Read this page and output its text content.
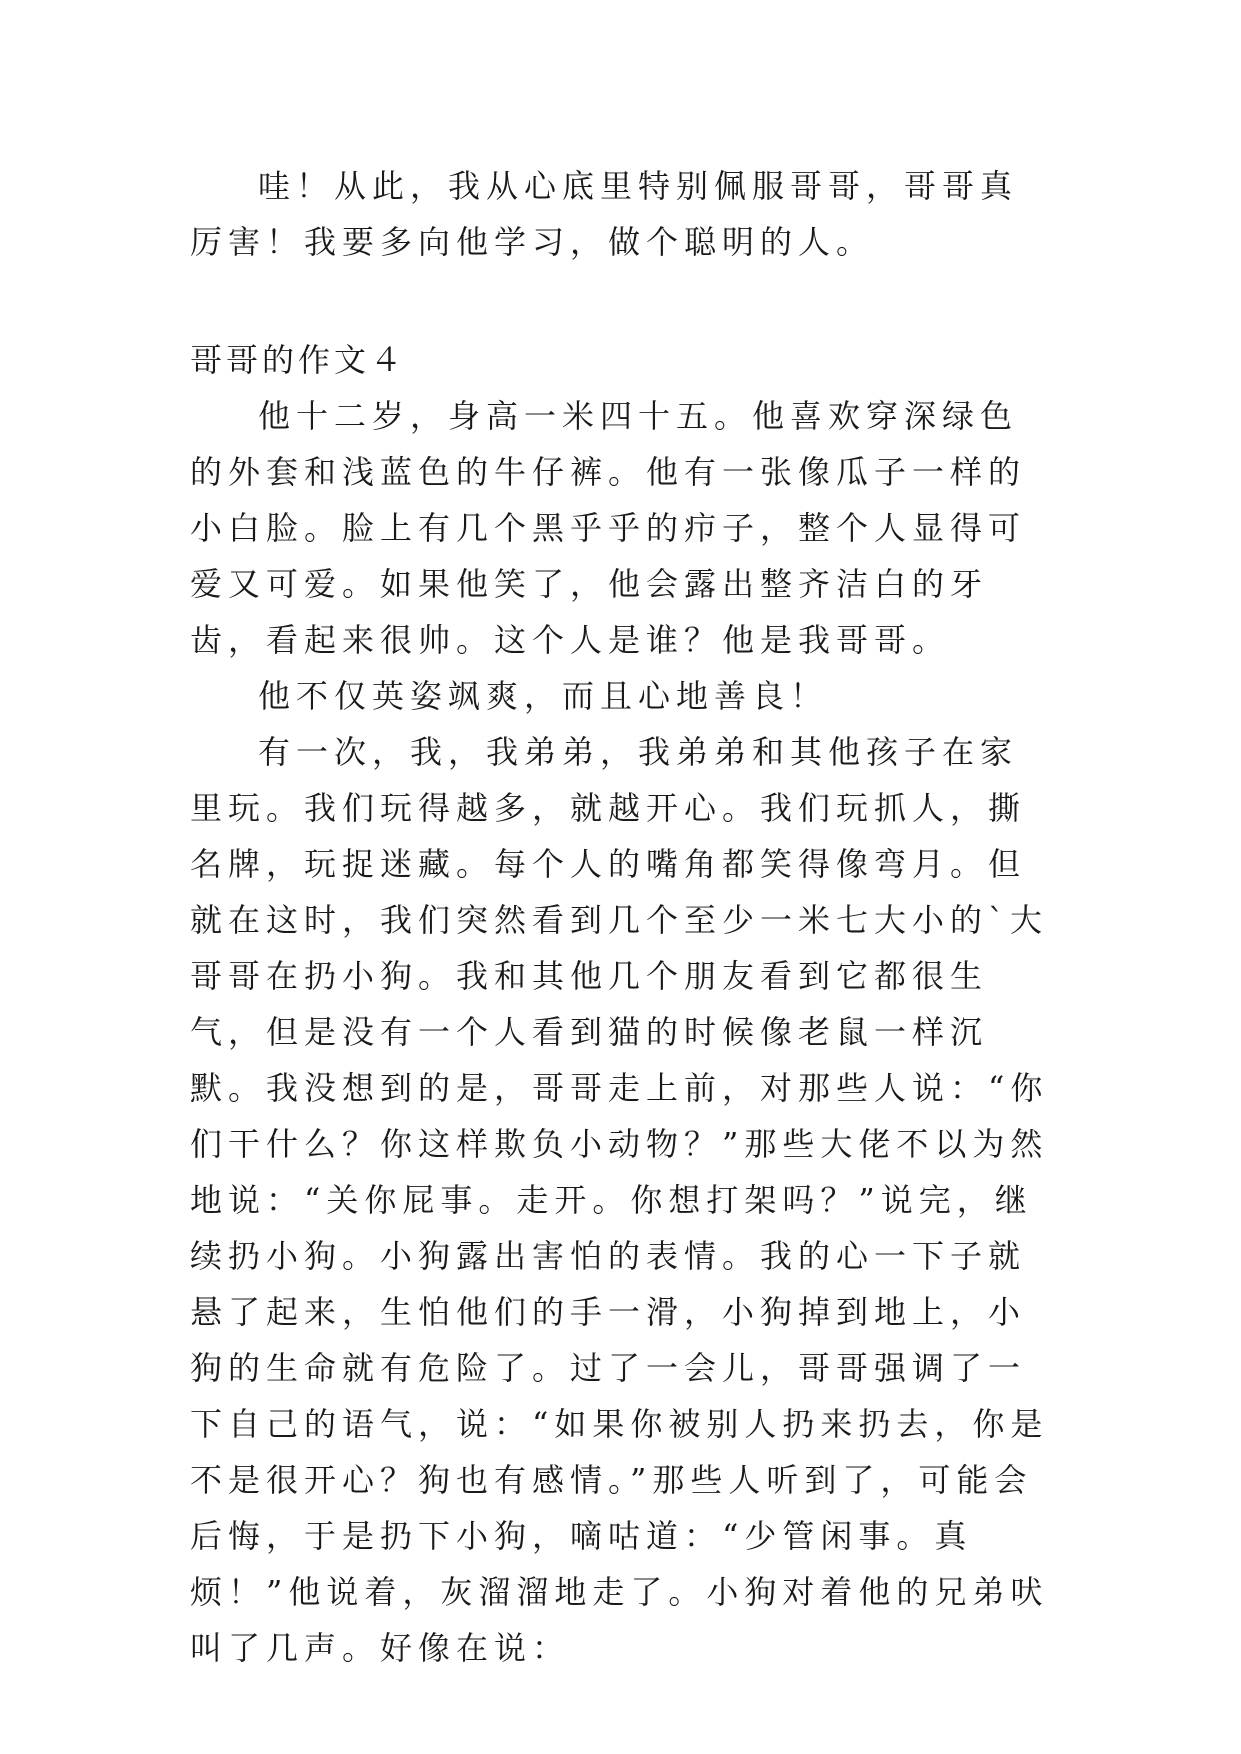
哇！从此，我从心底里特别佩服哥哥，哥哥真厉害！我要多向他学习，做个聪明的人。

哥哥的作文４

他十二岁，身高一米四十五。他喜欢穿深绿色的外套和浅蓝色的牛仔裤。他有一张像瓜子一样的小白脸。脸上有几个黑乎乎的疖子，整个人显得可爱又可爱。如果他笑了，他会露出整齐洁白的牙齿，看起来很帅。这个人是谁？他是我哥哥。

他不仅英姿飒爽，而且心地善良！

有一次，我，我弟弟，我弟弟和其他孩子在家里玩。我们玩得越多，就越开心。我们玩抓人，撕名牌，玩捉迷藏。每个人的嘴角都笑得像弯月。但就在这时，我们突然看到几个至少一米七大小的`大哥哥在扔小狗。我和其他几个朋友看到它都很生气，但是没有一个人看到猫的时候像老鼠一样沉默。我没想到的是，哥哥走上前，对那些人说：“你们干什么？你这样欺负小动物？”那些大佬不以为然地说：“关你屁事。走开。你想打架吗？”说完，继续扔小狗。小狗露出害怕的表情。我的心一下子就悬了起来，生怕他们的手一滑，小狗掉到地上，小狗的生命就有危险了。过了一会儿，哥哥强调了一下自己的语气，说：“如果你被别人扔来扔去，你是不是很开心？狗也有感情。”那些人听到了，可能会后悔，于是扔下小狗，嘀咕道：“少管闲事。真烦！”他说着，灰溜溜地走了。小狗对着他的兄弟吠叫了几声。好像在说：
